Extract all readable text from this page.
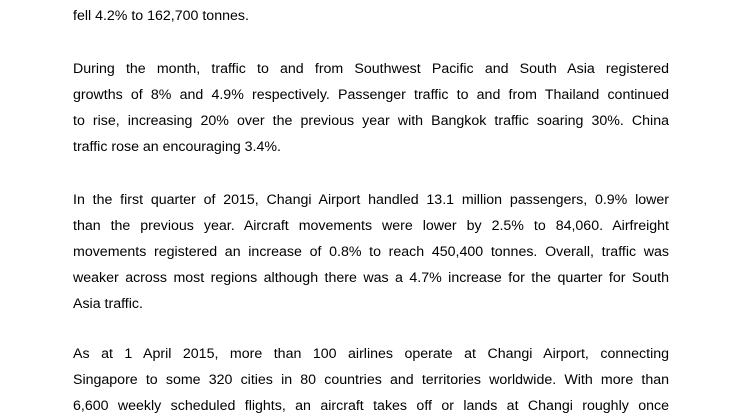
fell 4.2% to 162,700 tonnes.

During the month, traffic to and from Southwest Pacific and South Asia registered
growths of 8% and 4.9% respectively. Passenger traffic to and from Thailand continued
to rise, increasing 20% over the previous year with Bangkok traffic soaring 30%. China
traffic rose an encouraging 3.4%.

In the first quarter of 2015, Changi Airport handled 13.1 million passengers, 0.9% lower
than the previous year. Aircraft movements were lower by 2.5% to 84,060. Airfreight
movements registered an increase of 0.8% to reach 450,400 tonnes. Overall, traffic was
weaker across most regions although there was a 4.7% increase for the quarter for South
Asia traffic.

As at 1 April 2015, more than 100 airlines operate at Changi Airport, connecting
Singapore to some 320 cities in 80 countries and territories worldwide. With more than
6,600 weekly scheduled flights, an aircraft takes off or lands at Changi roughly once
